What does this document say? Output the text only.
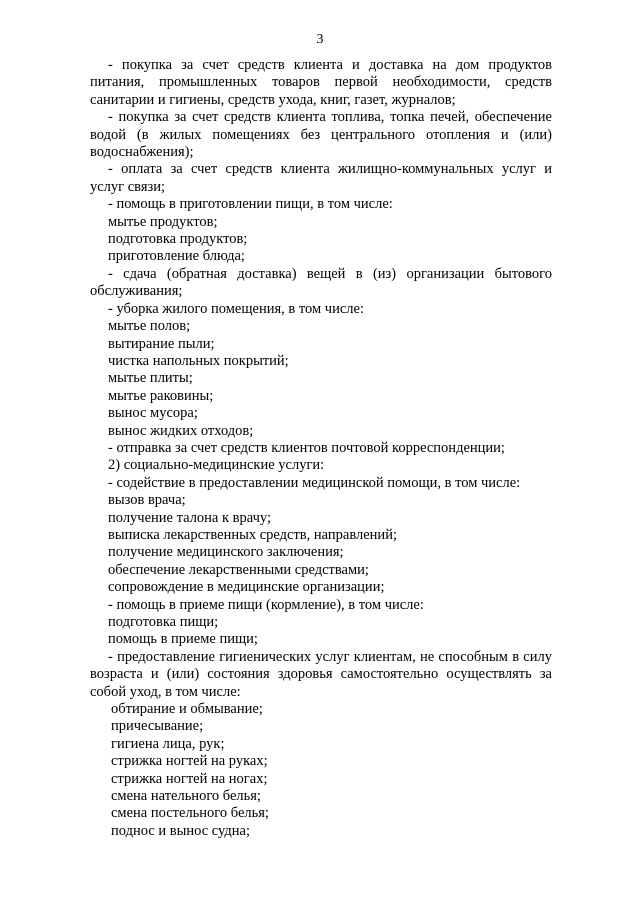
3

- покупка за счет средств клиента и доставка на дом продуктов питания, промышленных товаров первой необходимости, средств санитарии и гигиены, средств ухода, книг, газет, журналов;

- покупка за счет средств клиента топлива, топка печей, обеспечение водой (в жилых помещениях без центрального отопления и (или) водоснабжения);

- оплата за счет средств клиента жилищно-коммунальных услуг и услуг связи;

- помощь в приготовлении пищи, в том числе:

мытье продуктов;

подготовка продуктов;

приготовление блюда;

- сдача (обратная доставка) вещей в (из) организации бытового обслуживания;

- уборка жилого помещения, в том числе:

мытье полов;

вытирание пыли;

чистка напольных покрытий;

мытье плиты;

мытье раковины;

вынос мусора;

вынос жидких отходов;

- отправка за счет средств клиентов почтовой корреспонденции;

2) социально-медицинские услуги:

- содействие в предоставлении медицинской помощи, в том числе:

вызов врача;

получение талона к врачу;

выписка лекарственных средств, направлений;

получение медицинского заключения;

обеспечение лекарственными средствами;

сопровождение в медицинские организации;

- помощь в приеме пищи (кормление), в том числе:

подготовка пищи;

помощь в приеме пищи;

- предоставление гигиенических услуг клиентам, не способным в силу возраста и (или) состояния здоровья самостоятельно осуществлять за собой уход, в том числе:

обтирание и обмывание;

причесывание;

гигиена лица, рук;

стрижка ногтей на руках;

стрижка ногтей на ногах;

смена нательного белья;

смена постельного белья;

поднос и вынос судна;
